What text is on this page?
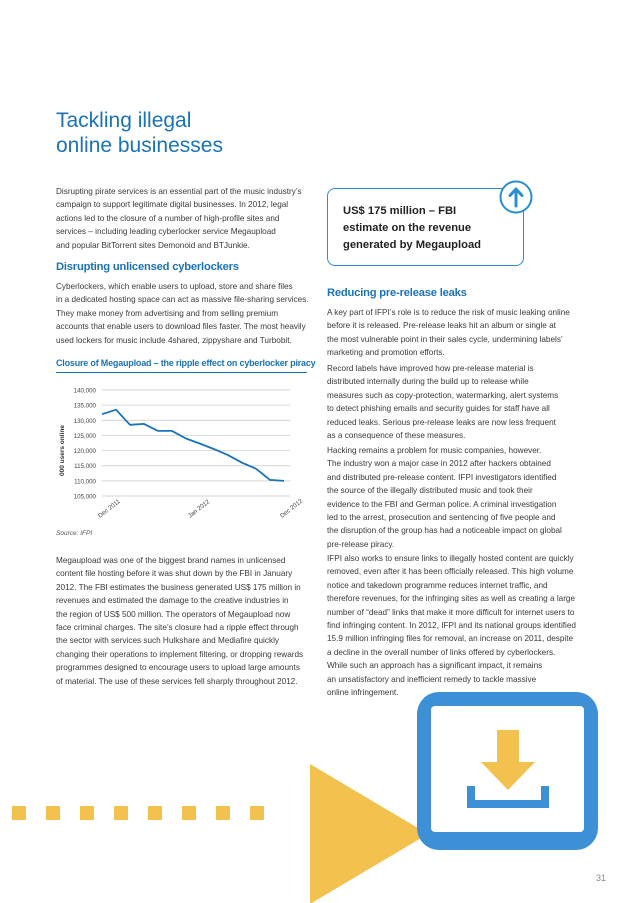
Tackling illegal
online businesses
Disrupting pirate services is an essential part of the music industry’s
campaign to support legitimate digital businesses. In 2012, legal
actions led to the closure of a number of high-profile sites and
services – including leading cyberlocker service Megaupload
and popular BitTorrent sites Demonoid and BTJunkie.
Disrupting unlicensed cyberlockers
Cyberlockers, which enable users to upload, store and share files
in a dedicated hosting space can act as massive file-sharing services.
They make money from advertising and from selling premium
accounts that enable users to download files faster. The most heavily
used lockers for music include 4shared, zippyshare and Turbobit.
Closure of Megaupload – the ripple effect on cyberlocker piracy
000 users online
140,000
135,000
130,000
125,000
120,000
115,000
110,000
105,000
Dec 2011	Jan 2012	Dec 2012
Source: IFPI
Megaupload was one of the biggest brand names in unlicensed
content file hosting before it was shut down by the FBI in January
2012. The FBI estimates the business generated US$ 175 million in
revenues and estimated the damage to the creative industries in
the region of US$ 500 million. The operators of Megaupload now
face criminal charges. The site’s closure had a ripple effect through
the sector with services such Hulkshare and Mediafire quickly
changing their operations to implement filtering, or dropping rewards
programmes designed to encourage users to upload large amounts
of material. The use of these services fell sharply throughout 2012.
US$ 175 million – FBI
estimate on the revenue
generated by Megaupload
Reducing pre-release leaks
A key part of IFPI’s role is to reduce the risk of music leaking online
before it is released. Pre-release leaks hit an album or single at
the most vulnerable point in their sales cycle, undermining labels’
marketing and promotion efforts.
Record labels have improved how pre-release material is
distributed internally during the build up to release while
measures such as copy-protection, watermarking, alert systems
to detect phishing emails and security guides for staff have all
reduced leaks. Serious pre-release leaks are now less frequent
as a consequence of these measures.
Hacking remains a problem for music companies, however.
The industry won a major case in 2012 after hackers obtained
and distributed pre-release content. IFPI investigators identified
the source of the illegally distributed music and took their
evidence to the FBI and German police. A criminal investigation
led to the arrest, prosecution and sentencing of five people and
the disruption of the group has had a noticeable impact on global
pre-release piracy.
IFPI also works to ensure links to illegally hosted content are quickly
removed, even after it has been officially released. This high volume
notice and takedown programme reduces internet traffic, and
therefore revenues, for the infringing sites as well as creating a large
number of “dead” links that make it more difficult for internet users to
find infringing content. In 2012, IFPI and its national groups identified
15.9 million infringing files for removal, an increase on 2011, despite
a decline in the overall number of links offered by cyberlockers.
While such an approach has a significant impact, it remains
an unsatisfactory and inefficient remedy to tackle massive
online infringement.
31
